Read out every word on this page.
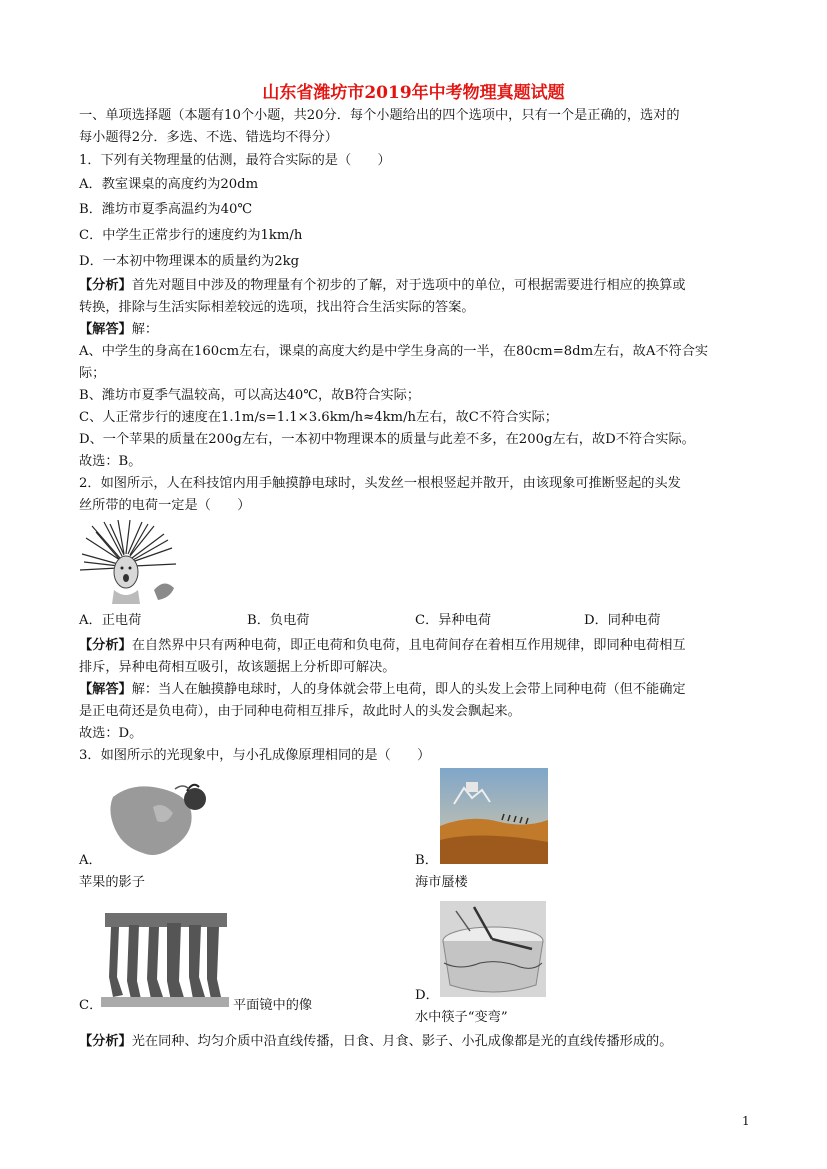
山东省潍坊市2019年中考物理真题试题
一、单项选择题（本题有10个小题，共20分．每个小题给出的四个选项中，只有一个是正确的，选对的
每小题得2分．多选、不选、错选均不得分）
1．下列有关物理量的估测，最符合实际的是（　　）
A．教室课桌的高度约为20dm
B．潍坊市夏季高温约为40℃
C．中学生正常步行的速度约为1km/h
D．一本初中物理课本的质量约为2kg
【分析】首先对题目中涉及的物理量有个初步的了解，对于选项中的单位，可根据需要进行相应的换算或
转换，排除与生活实际相差较远的选项，找出符合生活实际的答案。
【解答】解：
A、中学生的身高在160cm左右，课桌的高度大约是中学生身高的一半，在80cm=8dm左右，故A不符合实
际；
B、潍坊市夏季气温较高，可以高达40℃，故B符合实际；
C、人正常步行的速度在1.1m/s=1.1×3.6km/h≈4km/h左右，故C不符合实际；
D、一个苹果的质量在200g左右，一本初中物理课本的质量与此差不多，在200g左右，故D不符合实际。
故选：B。
2．如图所示，人在科技馆内用手触摸静电球时，头发丝一根根竖起并散开，由该现象可推断竖起的头发
丝所带的电荷一定是（　　）
A．正电荷	B．负电荷	C．异种电荷	D．同种电荷
【分析】在自然界中只有两种电荷，即正电荷和负电荷，且电荷间存在着相互作用规律，即同种电荷相互
排斥，异种电荷相互吸引，故该题据上分析即可解决。
【解答】解：当人在触摸静电球时，人的身体就会带上电荷，即人的头发上会带上同种电荷（但不能确定
是正电荷还是负电荷），由于同种电荷相互排斥，故此时人的头发会飘起来。
故选：D。
3．如图所示的光现象中，与小孔成像原理相同的是（　　）
A．
苹果的影子
B．
海市蜃楼
C．	平面镜中的像
D．
水中筷子“变弯”
【分析】光在同种、均匀介质中沿直线传播，日食、月食、影子、小孔成像都是光的直线传播形成的。
1
